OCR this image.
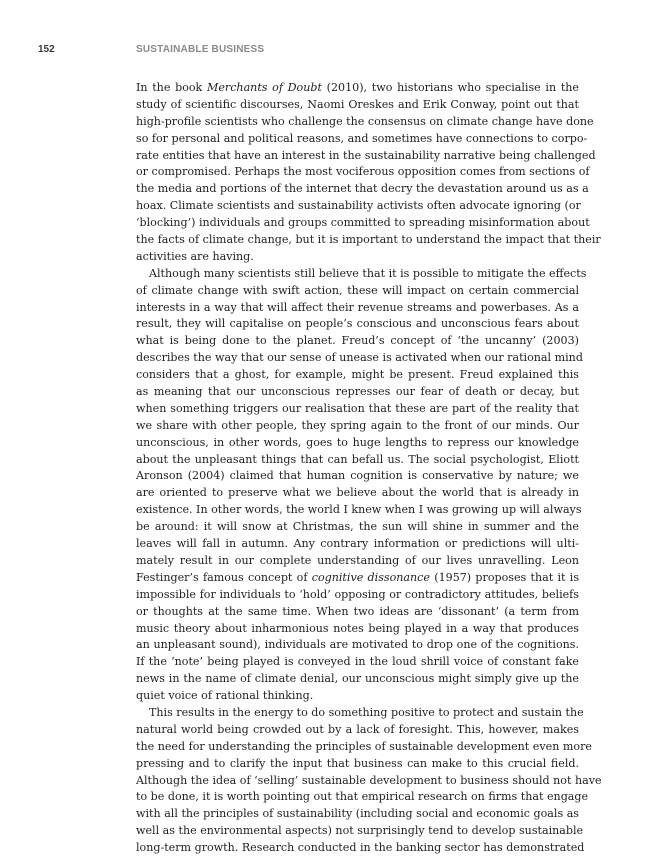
152	SUSTAINABLE BUSINESS
In the book Merchants of Doubt (2010), two historians who specialise in the
study of scientific discourses, Naomi Oreskes and Erik Conway, point out that
high-profile scientists who challenge the consensus on climate change have done
so for personal and political reasons, and sometimes have connections to corpo-
rate entities that have an interest in the sustainability narrative being challenged
or compromised. Perhaps the most vociferous opposition comes from sections of
the media and portions of the internet that decry the devastation around us as a
hoax. Climate scientists and sustainability activists often advocate ignoring (or
‘blocking’) individuals and groups committed to spreading misinformation about
the facts of climate change, but it is important to understand the impact that their
activities are having.
Although many scientists still believe that it is possible to mitigate the effects
of climate change with swift action, these will impact on certain commercial
interests in a way that will affect their revenue streams and powerbases. As a
result, they will capitalise on people’s conscious and unconscious fears about
what is being done to the planet. Freud’s concept of ‘the uncanny’ (2003)
describes the way that our sense of unease is activated when our rational mind
considers that a ghost, for example, might be present. Freud explained this
as meaning that our unconscious represses our fear of death or decay, but
when something triggers our realisation that these are part of the reality that
we share with other people, they spring again to the front of our minds. Our
unconscious, in other words, goes to huge lengths to repress our knowledge
about the unpleasant things that can befall us. The social psychologist, Eliott
Aronson (2004) claimed that human cognition is conservative by nature; we
are oriented to preserve what we believe about the world that is already in
existence. In other words, the world I knew when I was growing up will always
be around: it will snow at Christmas, the sun will shine in summer and the
leaves will fall in autumn. Any contrary information or predictions will ulti-
mately result in our complete understanding of our lives unravelling. Leon
Festinger’s famous concept of cognitive dissonance (1957) proposes that it is
impossible for individuals to ‘hold’ opposing or contradictory attitudes, beliefs
or thoughts at the same time. When two ideas are ‘dissonant’ (a term from
music theory about inharmonious notes being played in a way that produces
an unpleasant sound), individuals are motivated to drop one of the cognitions.
If the ‘note’ being played is conveyed in the loud shrill voice of constant fake
news in the name of climate denial, our unconscious might simply give up the
quiet voice of rational thinking.
This results in the energy to do something positive to protect and sustain the
natural world being crowded out by a lack of foresight. This, however, makes
the need for understanding the principles of sustainable development even more
pressing and to clarify the input that business can make to this crucial field.
Although the idea of ‘selling’ sustainable development to business should not have
to be done, it is worth pointing out that empirical research on firms that engage
with all the principles of sustainability (including social and economic goals as
well as the environmental aspects) not surprisingly tend to develop sustainable
long-term growth. Research conducted in the banking sector has demonstrated
